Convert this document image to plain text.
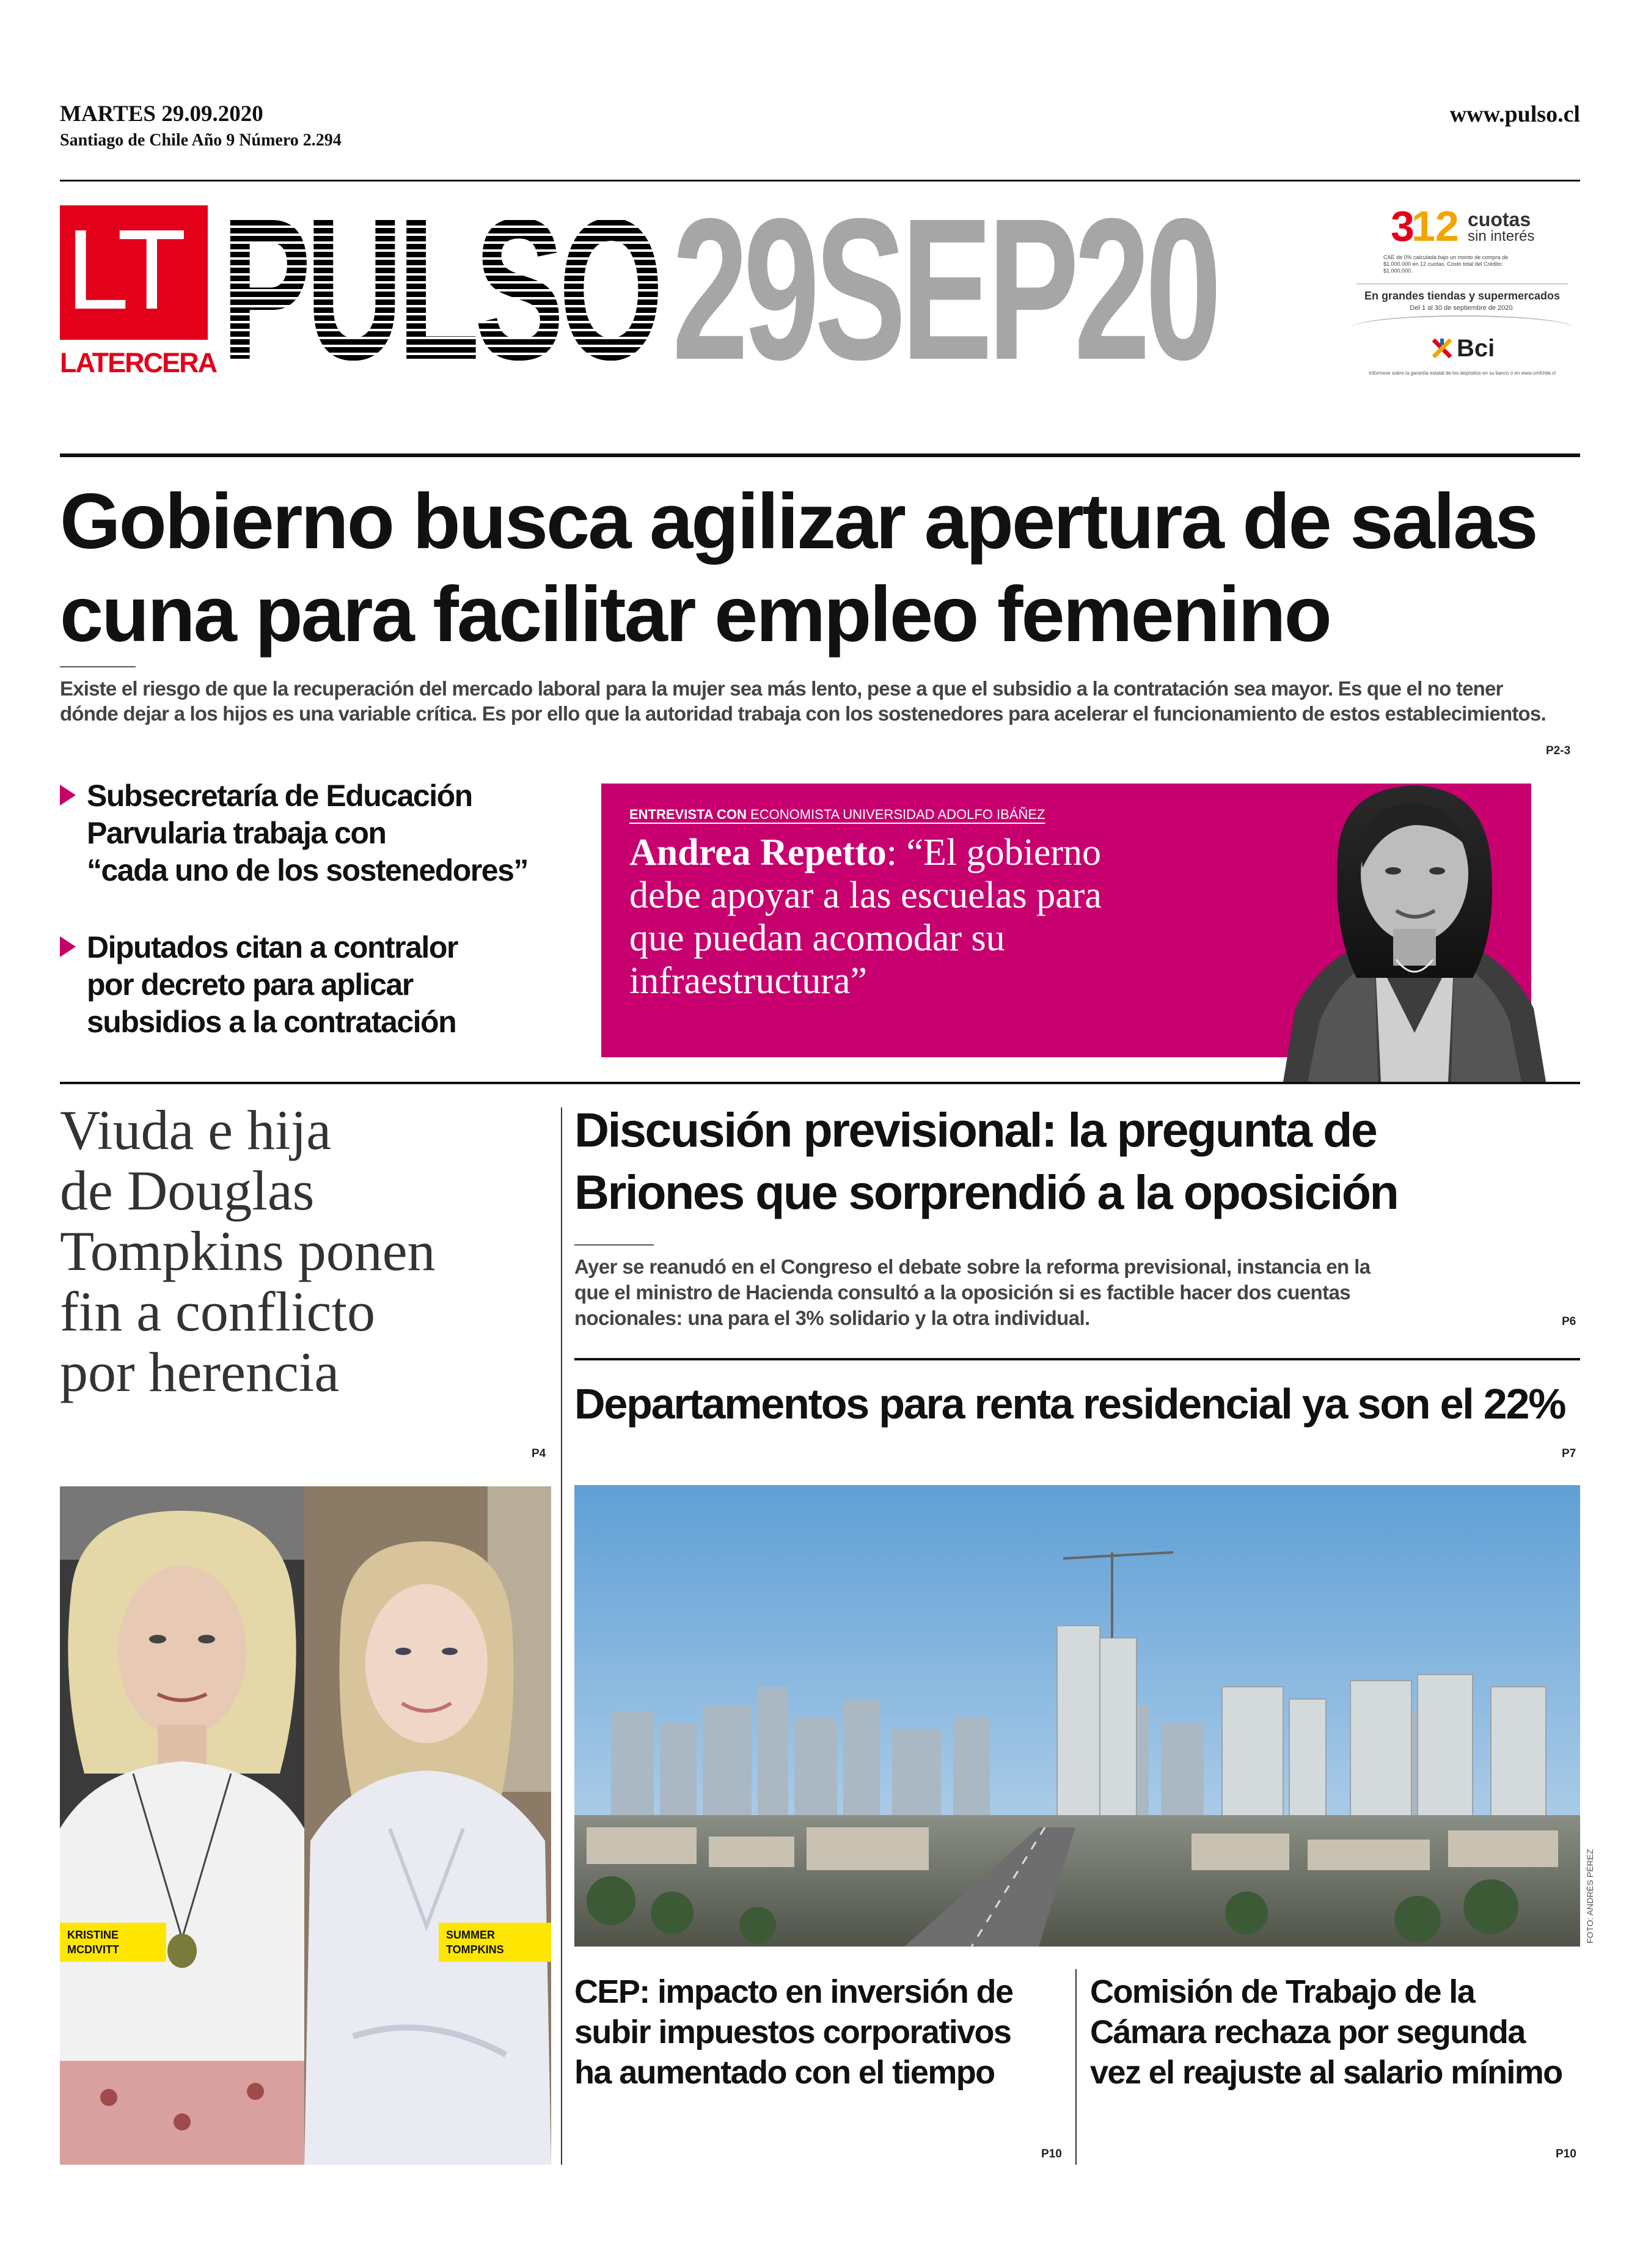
MARTES 29.09.2020
Santiago de Chile Año 9 Número 2.294
www.pulso.cl
LT
LATERCERA PULSO 29SEP20	3
12 cuotas
sin interés
CAE de 0% calculada bajo un monto de compra de $1.000.000 en 12 cuotas. Costo total del Crédito: $1.000.000.
En grandes tiendas y supermercados
Del 1 al 30 de septiembre de 2020.
Bci
Infórmese sobre la garantía estatal de los depósitos en su banco o en www.cmfchile.cl
Gobierno busca agilizar apertura de salas
cuna para facilitar empleo femenino
Existe el riesgo de que la recuperación del mercado laboral para la mujer sea más lento, pese a que el subsidio a la contratación sea mayor. Es que el no tener
dónde dejar a los hijos es una variable crítica. Es por ello que la autoridad trabaja con los sostenedores para acelerar el funcionamiento de estos establecimientos.
P2-3
Subsecretaría de Educación
Parvularia trabaja con
“cada uno de los sostenedores”
Diputados citan a contralor
por decreto para aplicar
subsidios a la contratación
ENTREVISTA CON ECONOMISTA UNIVERSIDAD ADOLFO IBÁÑEZ
Andrea Repetto: “El gobierno
debe apoyar a las escuelas para
que puedan acomodar su
infraestructura”
Viuda e hija
de Douglas
Tompkins ponen
fin a conflicto
por herencia
P4
KRISTINE
MCDIVITT
SUMMER
TOMPKINS
Discusión previsional: la pregunta de
Briones que sorprendió a la oposición
Ayer se reanudó en el Congreso el debate sobre la reforma previsional, instancia en la
que el ministro de Hacienda consultó a la oposición si es factible hacer dos cuentas
nocionales: una para el 3% solidario y la otra individual.	P6
Departamentos para renta residencial ya son el 22%
P7
FOTO: ANDRÉS PÉREZ
CEP: impacto en inversión de
subir impuestos corporativos
ha aumentado con el tiempo
P10
Comisión de Trabajo de la
Cámara rechaza por segunda
vez el reajuste al salario mínimo
P10
